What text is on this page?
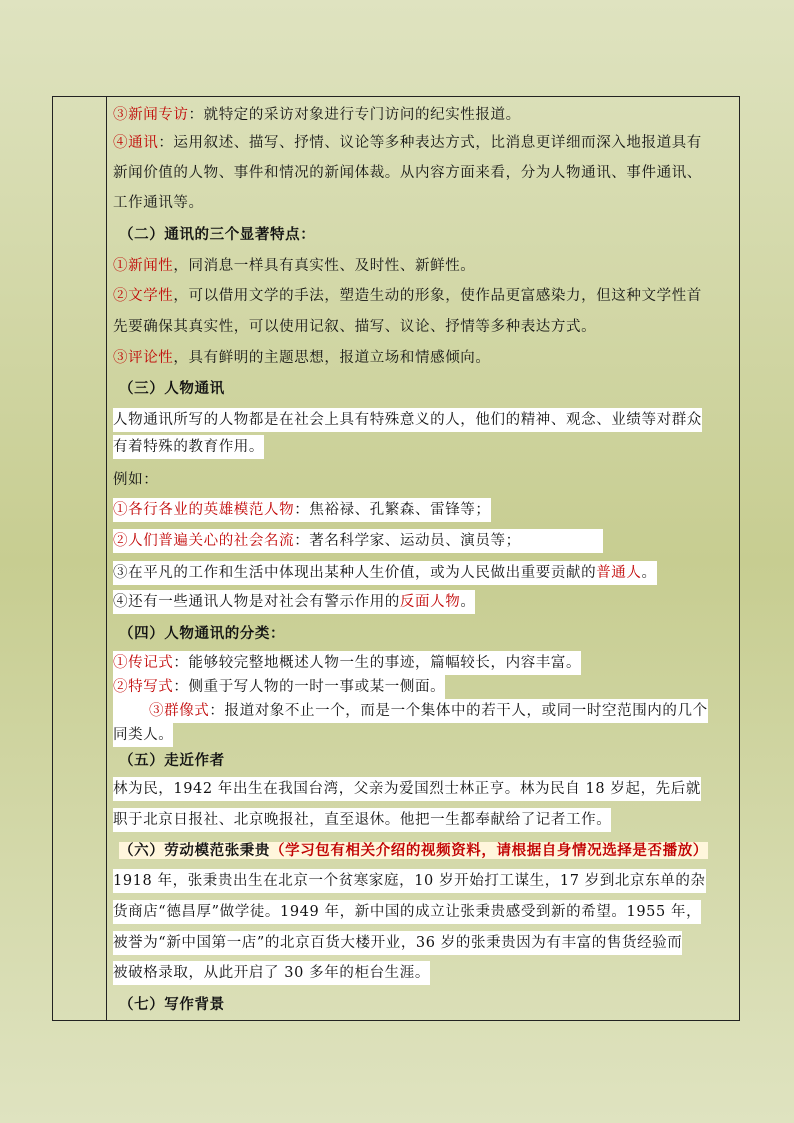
③新闻专访：就特定的采访对象进行专门访问的纪实性报道。
④通讯：运用叙述、描写、抒情、议论等多种表达方式，比消息更详细而深入地报道具有
新闻价值的人物、事件和情况的新闻体裁。从内容方面来看，分为人物通讯、事件通讯、
工作通讯等。
（二）通讯的三个显著特点：
①新闻性，同消息一样具有真实性、及时性、新鲜性。
②文学性，可以借用文学的手法，塑造生动的形象，使作品更富感染力，但这种文学性首
先要确保其真实性，可以使用记叙、描写、议论、抒情等多种表达方式。
③评论性，具有鲜明的主题思想，报道立场和情感倾向。
（三）人物通讯
人物通讯所写的人物都是在社会上具有特殊意义的人，他们的精神、观念、业绩等对群众
有着特殊的教育作用。
例如：
①各行各业的英雄模范人物：焦裕禄、孔繁森、雷锋等；
②人们普遍关心的社会名流：著名科学家、运动员、演员等；
③在平凡的工作和生活中体现出某种人生价值，或为人民做出重要贡献的普通人。
④还有一些通讯人物是对社会有警示作用的反面人物。
（四）人物通讯的分类：
①传记式：能够较完整地概述人物一生的事迹，篇幅较长，内容丰富。
②特写式：侧重于写人物的一时一事或某一侧面。
③群像式：报道对象不止一个，而是一个集体中的若干人，或同一时空范围内的几个
同类人。
（五）走近作者
林为民，1942 年出生在我国台湾，父亲为爱国烈士林正亨。林为民自 18 岁起，先后就
职于北京日报社、北京晚报社，直至退休。他把一生都奉献给了记者工作。
（六）劳动模范张秉贵（学习包有相关介绍的视频资料，请根据自身情况选择是否播放）
1918 年，张秉贵出生在北京一个贫寒家庭，10 岁开始打工谋生，17 岁到北京东单的杂
货商店“德昌厚”做学徒。1949 年，新中国的成立让张秉贵感受到新的希望。1955 年，
被誉为“新中国第一店”的北京百货大楼开业，36 岁的张秉贵因为有丰富的售货经验而
被破格录取，从此开启了 30 多年的柜台生涯。
（七）写作背景
